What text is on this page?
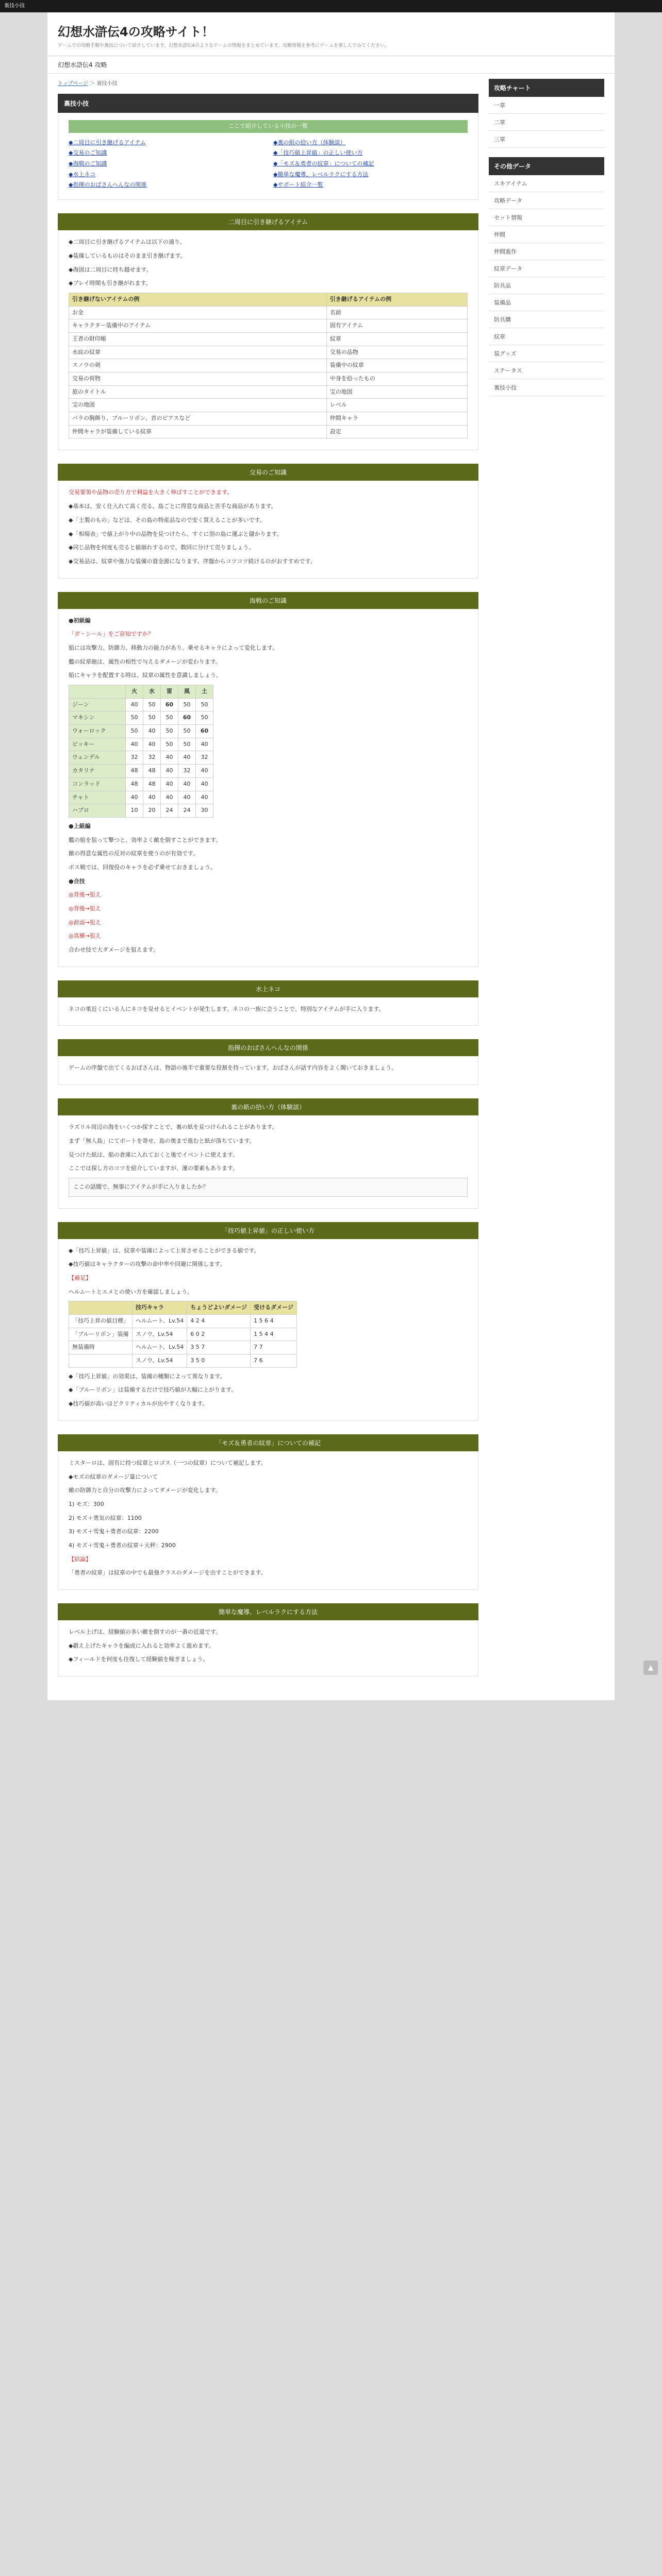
裏技小技
幻想水滸伝4の攻略サイト！
ゲームでの攻略手順や裏技について紹介しています。幻想水滸伝4のようなゲームの情報をまとめています。攻略情報を参考にゲームを楽しんでみてください。
幻想水滸伝4 攻略
トップページ ＞ 裏技小技
裏技小技
ここで紹介している小技の一覧
◆二周目に引き継げるアイテム	◆裏の紙の拾い方（体験談）
◆交易のご知識	◆「技巧値上昇値」の正しい使い方
◆海戦のご知識	◆「モズ＆勇者の紋章」についての補記
◆水上ネコ	◆簡単な魔導、レベルラクにする方法
◆指揮のおばさんへんなの関係	◆サポート紹介一覧
二周目に引き継げるアイテム

◆二周目に引き継げるアイテムは以下の通り。

◆装備しているものはそのまま引き継げます。

◆海図は二周目に持ち越せます。

◆プレイ時間も引き継がれます。

引き継げないアイテムの例	引き継げるアイテムの例
お金	名前
キャラクター装備中のアイテム	固有アイテム
王者の財印帳	紋章
水底の紋章	交易の品物
スノウの剣	装備中の紋章
交易の荷物	中身を拾ったもの
旅のタイトル	宝の地図
宝の地図	レベル
バラの胸飾り、ブルーリボン、首のピアスなど	仲間キャラ
仲間キャラが装備している紋章	設定
交易のご知識

交易要領や品物の売り方で利益を大きく伸ばすことができます。

◆基本は、安く仕入れて高く売る。島ごとに得意な商品と苦手な商品があります。

◆「土製のもの」などは、その島の特産品なので安く買えることが多いです。

◆「相場表」で値上がり中の品物を見つけたら、すぐに別の島に運ぶと儲かります。

◆同じ品物を何度も売ると値崩れするので、数回に分けて売りましょう。

◆交易品は、紋章や強力な装備の資金源になります。序盤からコツコツ続けるのがおすすめです。

海戦のご知識

●初級編

「ガ・シール」をご存知ですか？

船には攻撃力、防御力、移動力の能力があり、乗せるキャラによって変化します。

艦の紋章砲は、属性の相性で与えるダメージが変わります。

船にキャラを配置する時は、紋章の属性を意識しましょう。

	火	水	雷	風	土
ジーン	40	50	60	50	50
マキシン	50	50	50	60	50
ウォーロック	50	40	50	50	60
ビッキー	40	40	50	50	40
ウェンデル	32	32	40	40	32
カタリナ	48	48	40	32	40
コンラッド	48	48	40	40	40
チャト	40	40	40	40	40
ハブロ	10	20	24	24	30

●上級編

艦の船を狙って撃つと、効率よく敵を倒すことができます。

敵の得意な属性の反対の紋章を使うのが有効です。

ボス戦では、回復役のキャラを必ず乗せておきましょう。

●合技

◎背後→狙え

◎背後→狙え

◎前面→狙え

◎真横→狙え

合わせ技で大ダメージを狙えます。

水上ネコ

ネコの巣近くにいる人にネコを見せるとイベントが発生します。ネコの一族に会うことで、特別なアイテムが手に入ります。

指揮のおばさんへんなの関係

ゲームの序盤で出てくるおばさんは、物語の後半で重要な役割を持っています。おばさんが話す内容をよく聞いておきましょう。

裏の紙の拾い方（体験談）

ラズリル周辺の海をいくつか探すことで、裏の紙を見つけられることがあります。

まず「無人島」にてボートを寄せ、島の奥まで進むと紙が落ちています。

見つけた紙は、船の倉庫に入れておくと後でイベントに使えます。

ここでは探し方のコツを紹介していますが、運の要素もあります。

ここの話題で、無事にアイテムが手に入りましたか？
「技巧値上昇値」の正しい使い方

◆「技巧上昇値」は、紋章や装備によって上昇させることができる値です。

◆技巧値はキャラクターの攻撃の命中率や回避に関係します。

【補足】

ヘルムートとエメとの使い方を確認しましょう。

	技巧キャラ	ちょうどよいダメージ	受けるダメージ
「技巧上昇の値目標」	ヘルムート、Lv.54	4 2 4	1 5 6 4
「ブルーリボン」装備	スノウ、Lv.54	6 0 2	1 5 4 4
無装備時	ヘルムート、Lv.54	3 5 7	7 7
	スノウ、Lv.54	3 5 0	7 6

◆「技巧上昇値」の効果は、装備の種類によって異なります。

◆「ブルーリボン」は装備するだけで技巧値が大幅に上がります。

◆技巧値が高いほどクリティカルが出やすくなります。

「モズ＆勇者の紋章」についての補記

ミスターロは、固有に持つ紋章とロゴス（一つの紋章）について補記します。

◆モズの紋章のダメージ量について

敵の防御力と自分の攻撃力によってダメージが変化します。

1) モズ：300

2) モズ＋勇気の紋章：1100

3) モズ＋雪鬼＋勇者の紋章：2200

4) モズ＋雪鬼＋勇者の紋章＋天秤：2900

【結論】

「勇者の紋章」は紋章の中でも最強クラスのダメージを出すことができます。

簡単な魔導、レベルラクにする方法

レベル上げは、経験値の多い敵を倒すのが一番の近道です。

◆鍛え上げたキャラを編成に入れると効率よく進めます。

◆フィールドを何度も往復して経験値を稼ぎましょう。

攻略チャート
一章
二章
三章
その他データ
スキアイテム
攻略データ
セット情報
仲間
仲間進作
紋章データ
防具品
装備品
防具購
紋章
装グッズ
ステータス
裏技小技
▲
